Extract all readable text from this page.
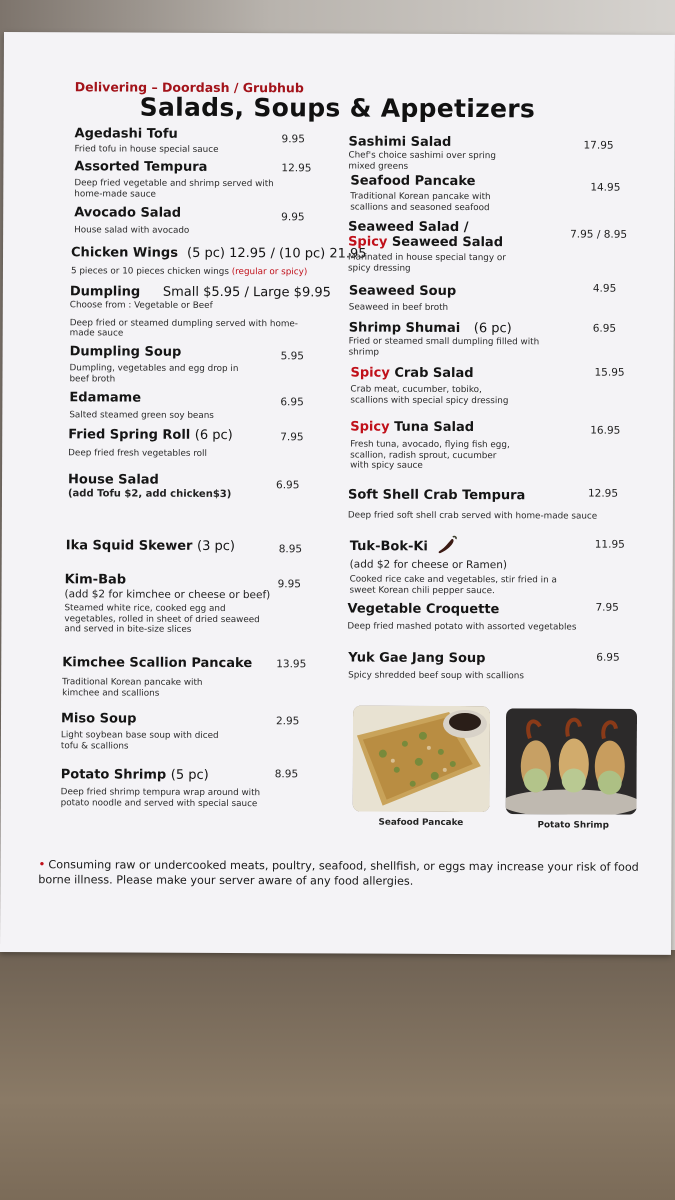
Delivering – Doordash / Grubhub
Salads, Soups & Appetizers
Agedashi Tofu
Fried tofu in house special sauce
9.95
Assorted Tempura
Deep fried vegetable and shrimp served with home-made sauce
12.95
Avocado Salad
House salad with avocado
9.95
Chicken Wings (5 pc) 12.95 / (10 pc) 21.95
5 pieces or 10 pieces chicken wings (regular or spicy)
Dumpling Small $5.95 / Large $9.95
Choose from : Vegetable or Beef
Deep fried or steamed dumpling served with home-made sauce
Dumpling Soup
Dumpling, vegetables and egg drop in beef broth
5.95
Edamame
Salted steamed green soy beans
6.95
Fried Spring Roll (6 pc)
Deep fried fresh vegetables roll
7.95
House Salad
(add Tofu $2, add chicken$3)
6.95
Ika Squid Skewer (3 pc)	8.95
Kim-Bab
(add $2 for kimchee or cheese or beef)
Steamed white rice, cooked egg and vegetables, rolled in sheet of dried seaweed and served in bite-size slices
9.95
Kimchee Scallion Pancake
Traditional Korean pancake with kimchee and scallions
13.95
Miso Soup
Light soybean base soup with diced tofu & scallions
2.95
Potato Shrimp (5 pc)
Deep fried shrimp tempura wrap around with potato noodle and served with special sauce
8.95
Sashimi Salad
Chef's choice sashimi over spring mixed greens
17.95
Seafood Pancake
Traditional Korean pancake with scallions and seasoned seafood
14.95
Seaweed Salad /
Spicy Seaweed Salad
Marinated in house special tangy or spicy dressing
7.95 / 8.95
Seaweed Soup
Seaweed in beef broth
4.95
Shrimp Shumai (6 pc)
Fried or steamed small dumpling filled with shrimp
6.95
Spicy Crab Salad
Crab meat, cucumber, tobiko, scallions with special spicy dressing
15.95
Spicy Tuna Salad
Fresh tuna, avocado, flying fish egg, scallion, radish sprout, cucumber with spicy sauce
16.95
Soft Shell Crab Tempura
Deep fried soft shell crab served with home-made sauce
12.95
Tuk-Bok-Ki
(add $2 for cheese or Ramen)
Cooked rice cake and vegetables, stir fried in a sweet Korean chili pepper sauce.
11.95
Vegetable Croquette
Deep fried mashed potato with assorted vegetables
7.95
Yuk Gae Jang Soup
Spicy shredded beef soup with scallions
6.95
Seafood Pancake	Potato Shrimp
• Consuming raw or undercooked meats, poultry, seafood, shellfish, or eggs may increase your risk of food borne illness. Please make your server aware of any food allergies.
